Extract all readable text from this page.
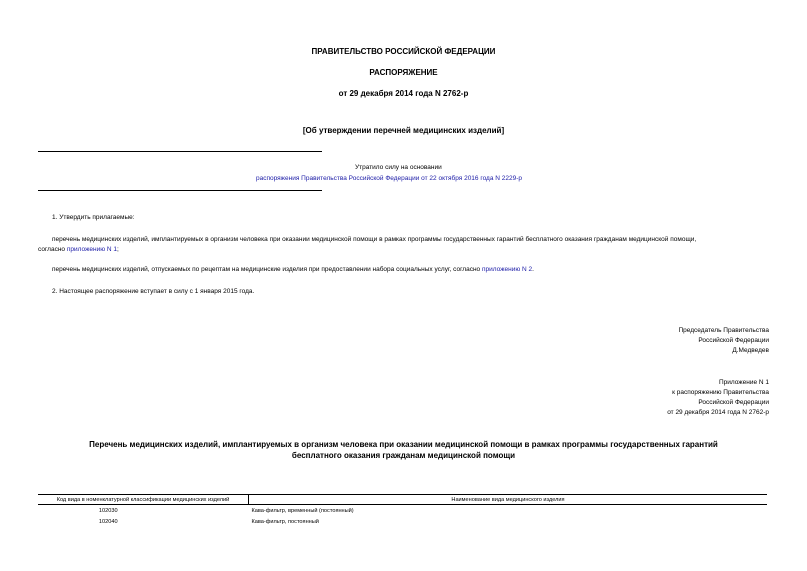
ПРАВИТЕЛЬСТВО РОССИЙСКОЙ ФЕДЕРАЦИИ
РАСПОРЯЖЕНИЕ
от 29 декабря 2014 года N 2762-р
[Об утверждении перечней медицинских изделий]
Утратило силу на основании
распоряжения Правительства Российской Федерации от 22 октября 2016 года N 2229-р
1. Утвердить прилагаемые:
перечень медицинских изделий, имплантируемых в организм человека при оказании медицинской помощи в рамках программы государственных гарантий бесплатного оказания гражданам медицинской помощи,
согласно приложению N 1;
перечень медицинских изделий, отпускаемых по рецептам на медицинские изделия при предоставлении набора социальных услуг, согласно приложению N 2.
2. Настоящее распоряжение вступает в силу с 1 января 2015 года.
Председатель Правительства
Российской Федерации
Д.Медведев
Приложение N 1
к распоряжению Правительства
Российской Федерации
от 29 декабря 2014 года N 2762-р
Перечень медицинских изделий, имплантируемых в организм человека при оказании медицинской помощи в рамках программы государственных гарантий
бесплатного оказания гражданам медицинской помощи
Код вида в номенклатурной классификации медицинских изделий	Наименование вида медицинского изделия
102030	Кава-фильтр, временный (постоянный)
102040	Кава-фильтр, постоянный
